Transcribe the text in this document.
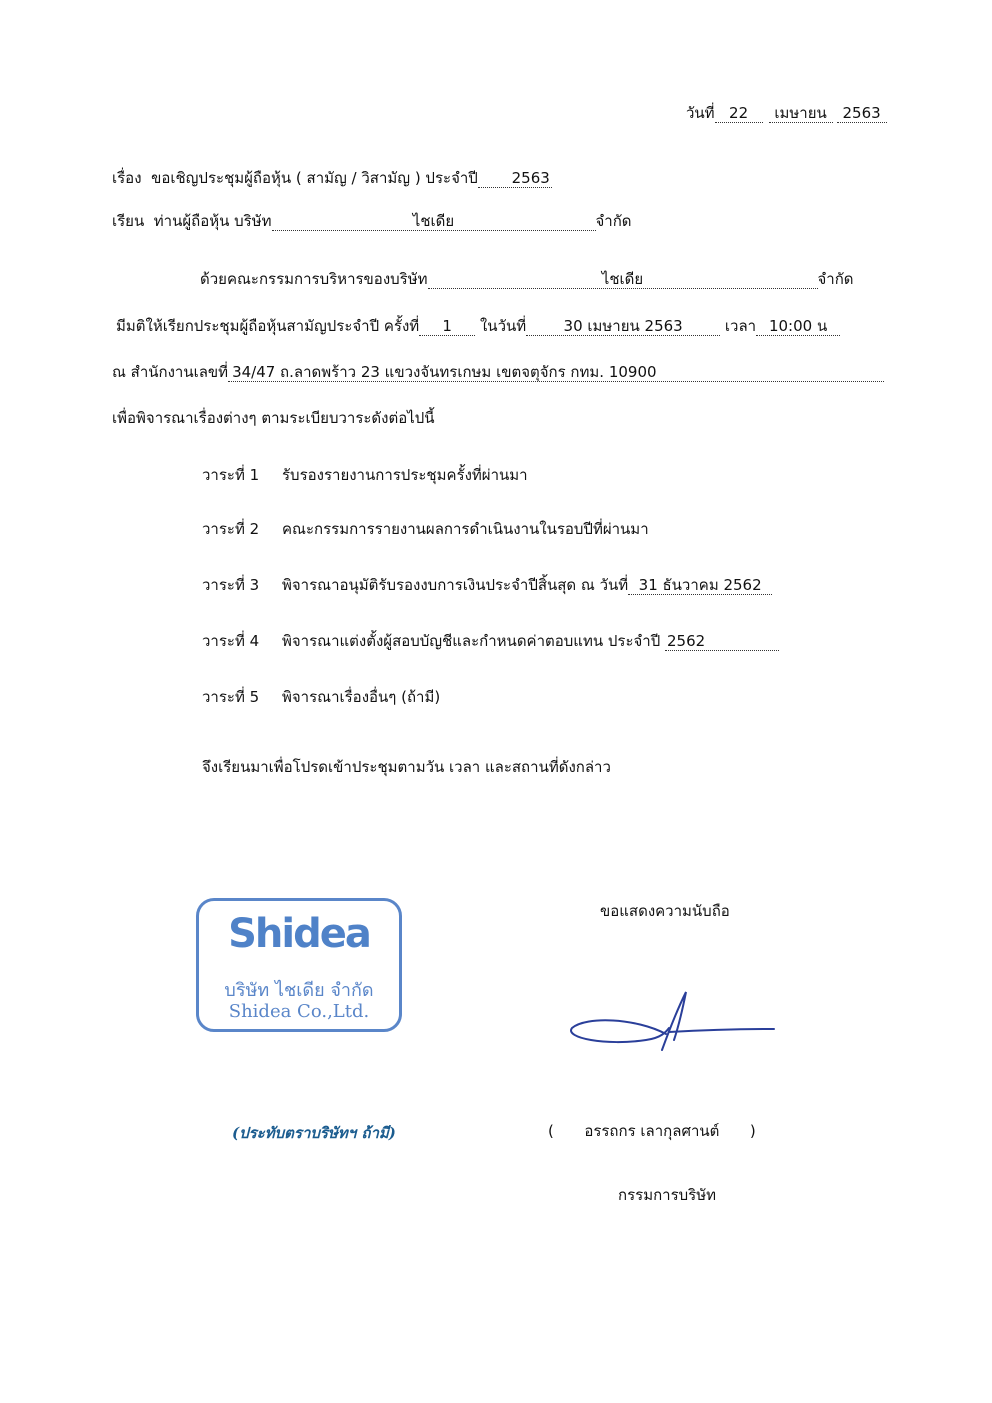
วันที่ 22 เมษายน 2563
เรื่อง ขอเชิญประชุมผู้ถือหุ้น ( สามัญ / วิสามัญ ) ประจำปี 2563
เรียน ท่านผู้ถือหุ้น บริษัท	ไชเดีย	จำกัด
ด้วยคณะกรรมการบริหารของบริษัท	ไชเดีย	จำกัด
มีมติให้เรียกประชุมผู้ถือหุ้นสามัญประจำปี ครั้งที่ 1 ในวันที่ 30 เมษายน 2563	เวลา 10:00 น
ณ สำนักงานเลขที่ 34/47 ถ.ลาดพร้าว 23 แขวงจันทรเกษม เขตจตุจักร กทม. 10900
เพื่อพิจารณาเรื่องต่างๆ ตามระเบียบวาระดังต่อไปนี้
วาระที่ 1 รับรองรายงานการประชุมครั้งที่ผ่านมา
วาระที่ 2 คณะกรรมการรายงานผลการดำเนินงานในรอบปีที่ผ่านมา
วาระที่ 3 พิจารณาอนุมัติรับรองงบการเงินประจำปีสิ้นสุด ณ วันที่ 31 ธันวาคม 2562
วาระที่ 4 พิจารณาแต่งตั้งผู้สอบบัญชีและกำหนดค่าตอบแทน ประจำปี 2562
วาระที่ 5 พิจารณาเรื่องอื่นๆ (ถ้ามี)
จึงเรียนมาเพื่อโปรดเข้าประชุมตามวัน เวลา และสถานที่ดังกล่าว
ขอแสดงความนับถือ
Shidea
บริษัท ไชเดีย จำกัด
Shidea Co.,Ltd.
(ประทับตราบริษัทฯ ถ้ามี)	( อรรถกร เลากุลศานต์ )
กรรมการบริษัท
